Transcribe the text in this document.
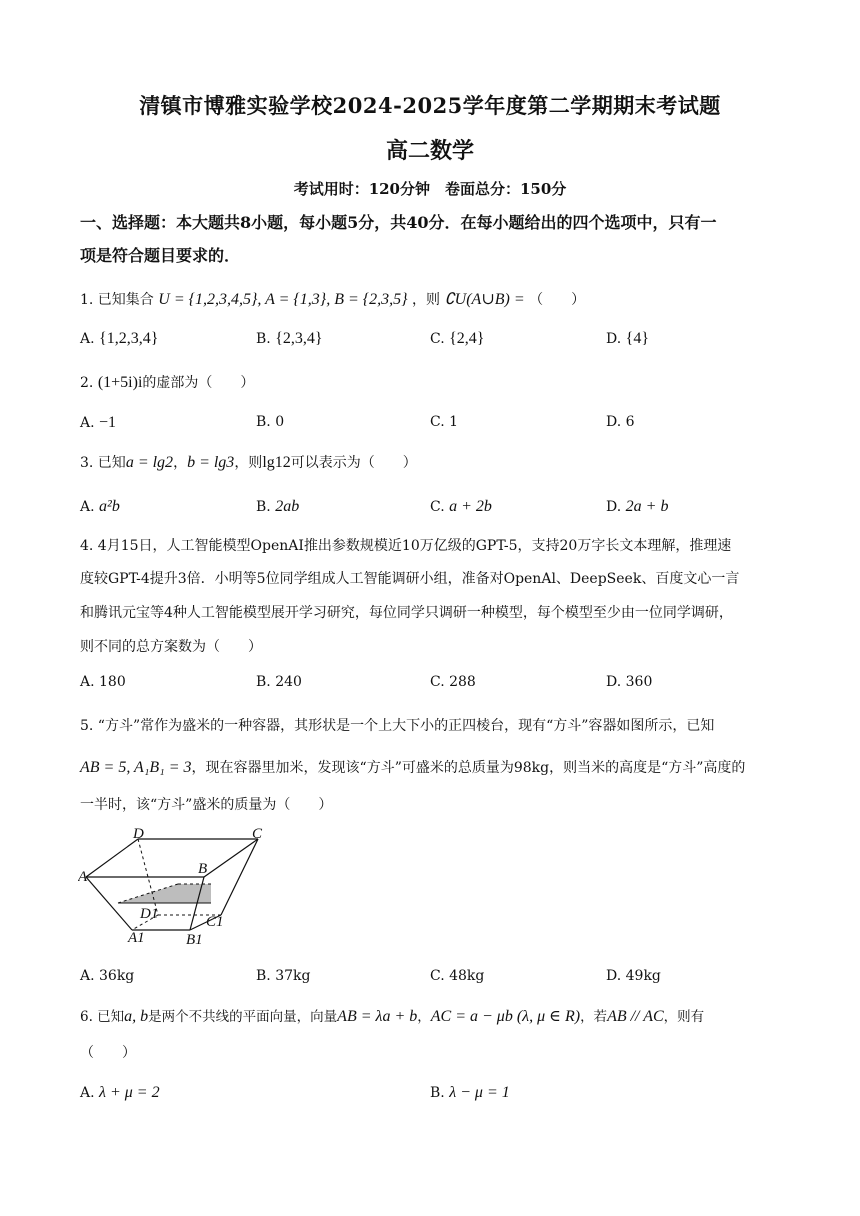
清镇市博雅实验学校2024-2025学年度第二学期期末考试题
高二数学
考试用时：120分钟　卷面总分：150分
一、选择题：本大题共8小题，每小题5分，共40分．在每小题给出的四个选项中，只有一
项是符合题目要求的．
1. 已知集合 U = {1,2,3,4,5}, A = {1,3}, B = {2,3,5} ，则 ∁U(A∪B) = （　　）
A. {1,2,3,4}	B. {2,3,4}	C. {2,4}	D. {4}
2. (1+5i)i的虚部为（　　）
A. −1	B. 0	C. 1	D. 6
3. 已知a = lg2，b = lg3，则lg12可以表示为（　　）
A. a²b	B. 2ab	C. a + 2b	D. 2a + b
4. 4月15日，人工智能模型OpenAI推出参数规模近10万亿级的GPT-5，支持20万字长文本理解，推理速
度较GPT-4提升3倍．小明等5位同学组成人工智能调研小组，准备对OpenAl、DeepSeek、百度文心一言
和腾讯元宝等4种人工智能模型展开学习研究，每位同学只调研一种模型，每个模型至少由一位同学调研，
则不同的总方案数为（　　）
A. 180	B. 240	C. 288	D. 360
5. “方斗”常作为盛米的一种容器，其形状是一个上大下小的正四棱台，现有“方斗”容器如图所示，已知
AB = 5, A₁B₁ = 3，现在容器里加米，发现该“方斗”可盛米的总质量为98kg，则当米的高度是“方斗”高度的
一半时，该“方斗”盛米的质量为（　　）
D	C
A	B
D1	C1
A1	B1
A. 36kg	B. 37kg	C. 48kg	D. 49kg
6. 已知a, b是两个不共线的平面向量，向量AB = λa + b，AC = a − μb (λ, μ ∈ R)，若AB // AC，则有
（　　）
A. λ + μ = 2	B. λ − μ = 1
